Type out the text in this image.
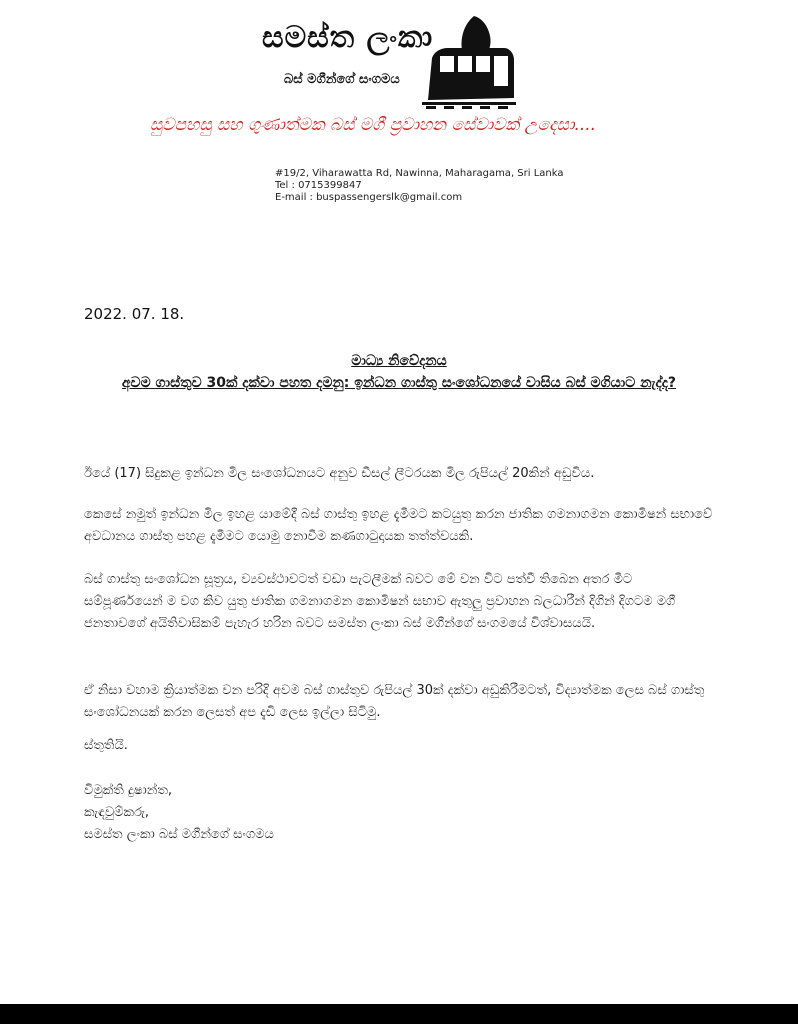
සමස්ත ලංකා
බස් මගීන්ගේ සංගමය
සුවපහසු සහ ගුණාත්මක බස් මගී ප්‍රවාහන සේවාවක් උදෙසා....
#19/2, Viharawatta Rd, Nawinna, Maharagama, Sri Lanka
Tel : 0715399847
E-mail : buspassengerslk@gmail.com
2022. 07. 18.
මාධ්‍ය නිවේදනය
අවම ගාස්තුව 30ක් දක්වා පහත දමනු: ඉන්ධන ගාස්තු සංශෝධනයේ වාසිය බස් මගියාට නැද්ද?
ඊයේ (17) සිදුකළ ඉන්ධන මිල සංශෝධනයට අනුව ඩීසල් ලීටරයක මිල රුපියල් 20කින් අඩුවිය.
කෙසේ නමුත් ඉන්ධන මිල ඉහළ යාමේදී බස් ගාස්තු ඉහළ දැමීමට කටයුතු කරන ජාතික ගමනාගමන කොමිෂන් සභාවේ අවධානය ගාස්තු පහළ දැමීමට යොමු නොවීම කණගාටුදායක තත්ත්වයකි.
බස් ගාස්තු සංශෝධන සූත්‍රය, ව්‍යවස්ථාවටත් වඩා පැටලීමක් බවට මේ වන විට පත්වී තිබෙන අතර මීට සම්පූර්ණයෙන් ම වග කිව යුතු ජාතික ගමනාගමන කොමිෂන් සභාව ඇතුලු ප්‍රවාහන බලධාරීන් දිගින් දිගටම මගී ජනතාවගේ අයිතිවාසිකම් පැහැර හරින බවට සමස්ත ලංකා බස් මගීන්ගේ සංගමයේ විශ්වාසයයි.
ඒ නිසා වහාම ක්‍රියාත්මක වන පරිදි අවම බස් ගාස්තුව රුපියල් 30ක් දක්වා අඩුකිරීමටත්, විද්‍යාත්මක ලෙස බස් ගාස්තු සංශෝධනයක් කරන ලෙසත් අප දැඩි ලෙස ඉල්ලා සිටිමු.
ස්තුතියි.
විමුක්ති දුෂාන්ත,
කැඳවුම්කරු,
සමස්ත ලංකා බස් මගීන්ගේ සංගමය
